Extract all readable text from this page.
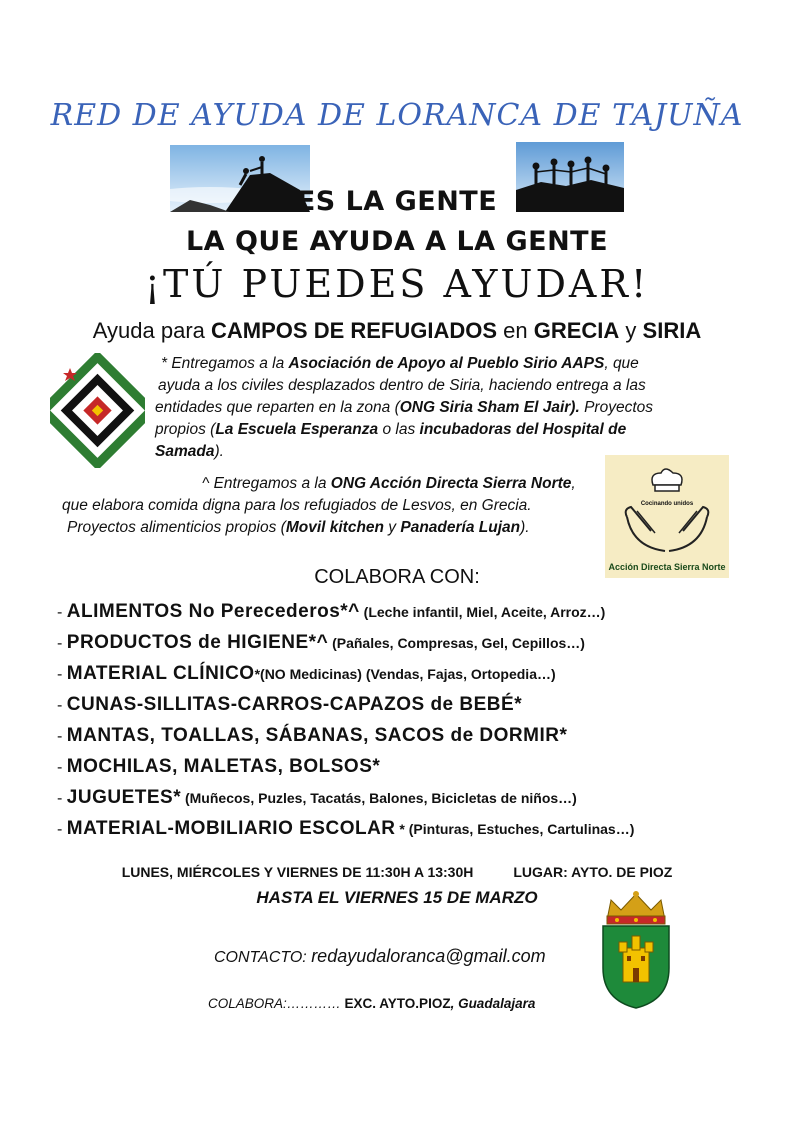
RED DE AYUDA DE LORANCA DE TAJUÑA
ES LA GENTE
LA QUE AYUDA A LA GENTE
¡TÚ PUEDES AYUDAR!
Ayuda para CAMPOS DE REFUGIADOS en GRECIA y SIRIA
* Entregamos a la Asociación de Apoyo al Pueblo Sirio AAPS, que
ayuda a los civiles desplazados dentro de Siria, haciendo entrega a las
entidades que reparten en la zona (ONG Siria Sham El Jair). Proyectos
propios (La Escuela Esperanza o las incubadoras del Hospital de
Samada).
Cocinando unidos
Acción Directa Sierra Norte
^ Entregamos a la ONG Acción Directa Sierra Norte,
que elabora comida digna para los refugiados de Lesvos, en Grecia.
Proyectos alimenticios propios (Movil kitchen y Panadería Lujan).
COLABORA CON:
- ALIMENTOS No Perecederos*^ (Leche infantil, Miel, Aceite, Arroz…)
- PRODUCTOS de HIGIENE*^ (Pañales, Compresas, Gel, Cepillos…)
- MATERIAL CLÍNICO*(NO Medicinas) (Vendas, Fajas, Ortopedia…)
- CUNAS-SILLITAS-CARROS-CAPAZOS de BEBÉ*
- MANTAS, TOALLAS, SÁBANAS, SACOS de DORMIR*
- MOCHILAS, MALETAS, BOLSOS*
- JUGUETES* (Muñecos, Puzles, Tacatás, Balones, Bicicletas de niños…)
- MATERIAL-MOBILIARIO ESCOLAR * (Pinturas, Estuches, Cartulinas…)
LUNES, MIÉRCOLES Y VIERNES DE 11:30H A 13:30H	LUGAR: AYTO. DE PIOZ
HASTA EL VIERNES 15 DE MARZO
CONTACTO: redayudaloranca@gmail.com
COLABORA:………… EXC. AYTO.PIOZ, Guadalajara
